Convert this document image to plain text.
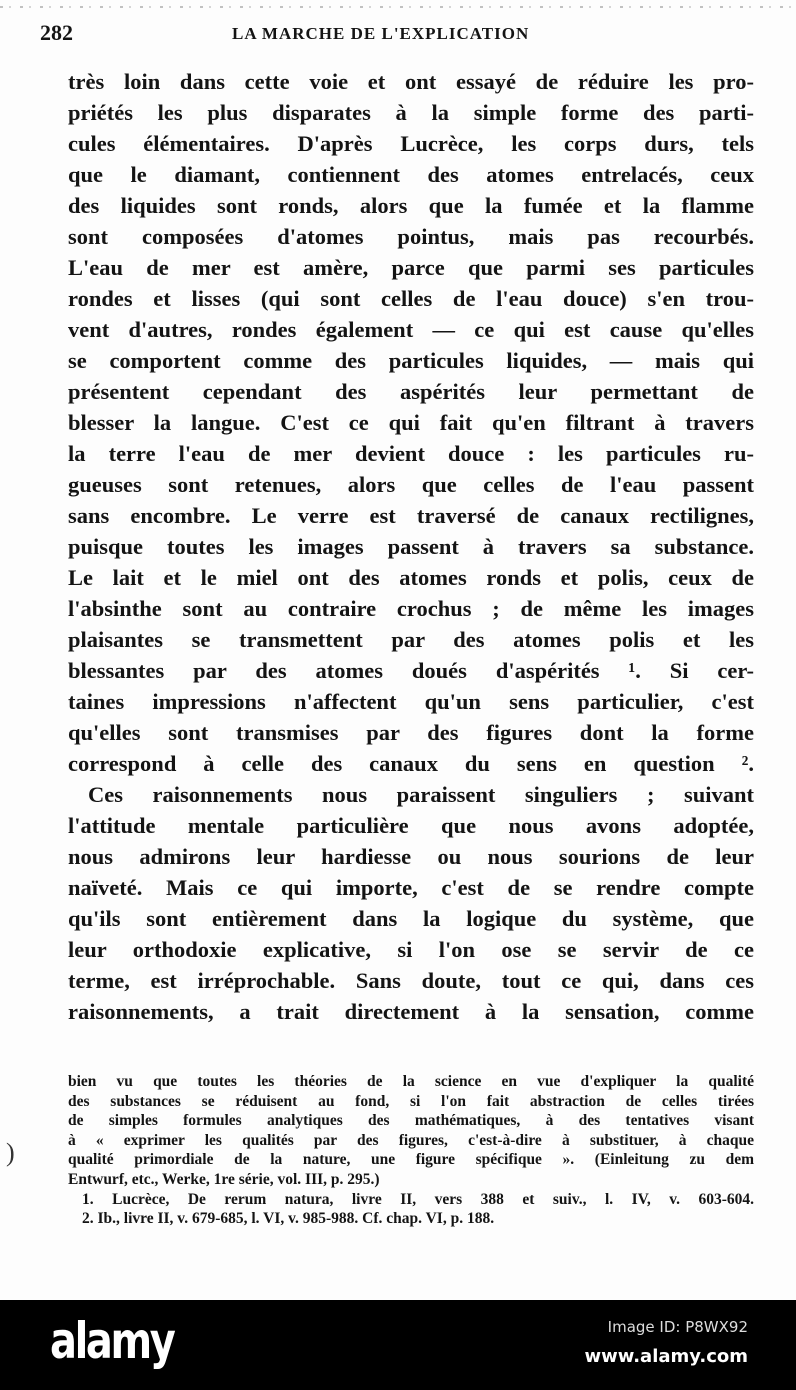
282	LA MARCHE DE L'EXPLICATION
très loin dans cette voie et ont essayé de réduire les pro-
priétés les plus disparates à la simple forme des parti-
cules élémentaires. D'après Lucrèce, les corps durs, tels
que le diamant, contiennent des atomes entrelacés, ceux
des liquides sont ronds, alors que la fumée et la flamme
sont composées d'atomes pointus, mais pas recourbés.
L'eau de mer est amère, parce que parmi ses particules
rondes et lisses (qui sont celles de l'eau douce) s'en trou-
vent d'autres, rondes également — ce qui est cause qu'elles
se comportent comme des particules liquides, — mais qui
présentent cependant des aspérités leur permettant de
blesser la langue. C'est ce qui fait qu'en filtrant à travers
la terre l'eau de mer devient douce : les particules ru-
gueuses sont retenues, alors que celles de l'eau passent
sans encombre. Le verre est traversé de canaux rectilignes,
puisque toutes les images passent à travers sa substance.
Le lait et le miel ont des atomes ronds et polis, ceux de
l'absinthe sont au contraire crochus ; de même les images
plaisantes se transmettent par des atomes polis et les
blessantes par des atomes doués d'aspérités ¹. Si cer-
taines impressions n'affectent qu'un sens particulier, c'est
qu'elles sont transmises par des figures dont la forme
correspond à celle des canaux du sens en question ².
Ces raisonnements nous paraissent singuliers ; suivant
l'attitude mentale particulière que nous avons adoptée,
nous admirons leur hardiesse ou nous sourions de leur
naïveté. Mais ce qui importe, c'est de se rendre compte
qu'ils sont entièrement dans la logique du système, que
leur orthodoxie explicative, si l'on ose se servir de ce
terme, est irréprochable. Sans doute, tout ce qui, dans ces
raisonnements, a trait directement à la sensation, comme
)
bien vu que toutes les théories de la science en vue d'expliquer la qualité
des substances se réduisent au fond, si l'on fait abstraction de celles tirées
de simples formules analytiques des mathématiques, à des tentatives visant
à « exprimer les qualités par des figures, c'est-à-dire à substituer, à chaque
qualité primordiale de la nature, une figure spécifique ». (Einleitung zu dem
Entwurf, etc., Werke, 1re série, vol. III, p. 295.)
1. Lucrèce, De rerum natura, livre II, vers 388 et suiv., l. IV, v. 603-604.
2. Ib., livre II, v. 679-685, l. VI, v. 985-988. Cf. chap. VI, p. 188.
alamy	Image ID: P8WX92
www.alamy.com
